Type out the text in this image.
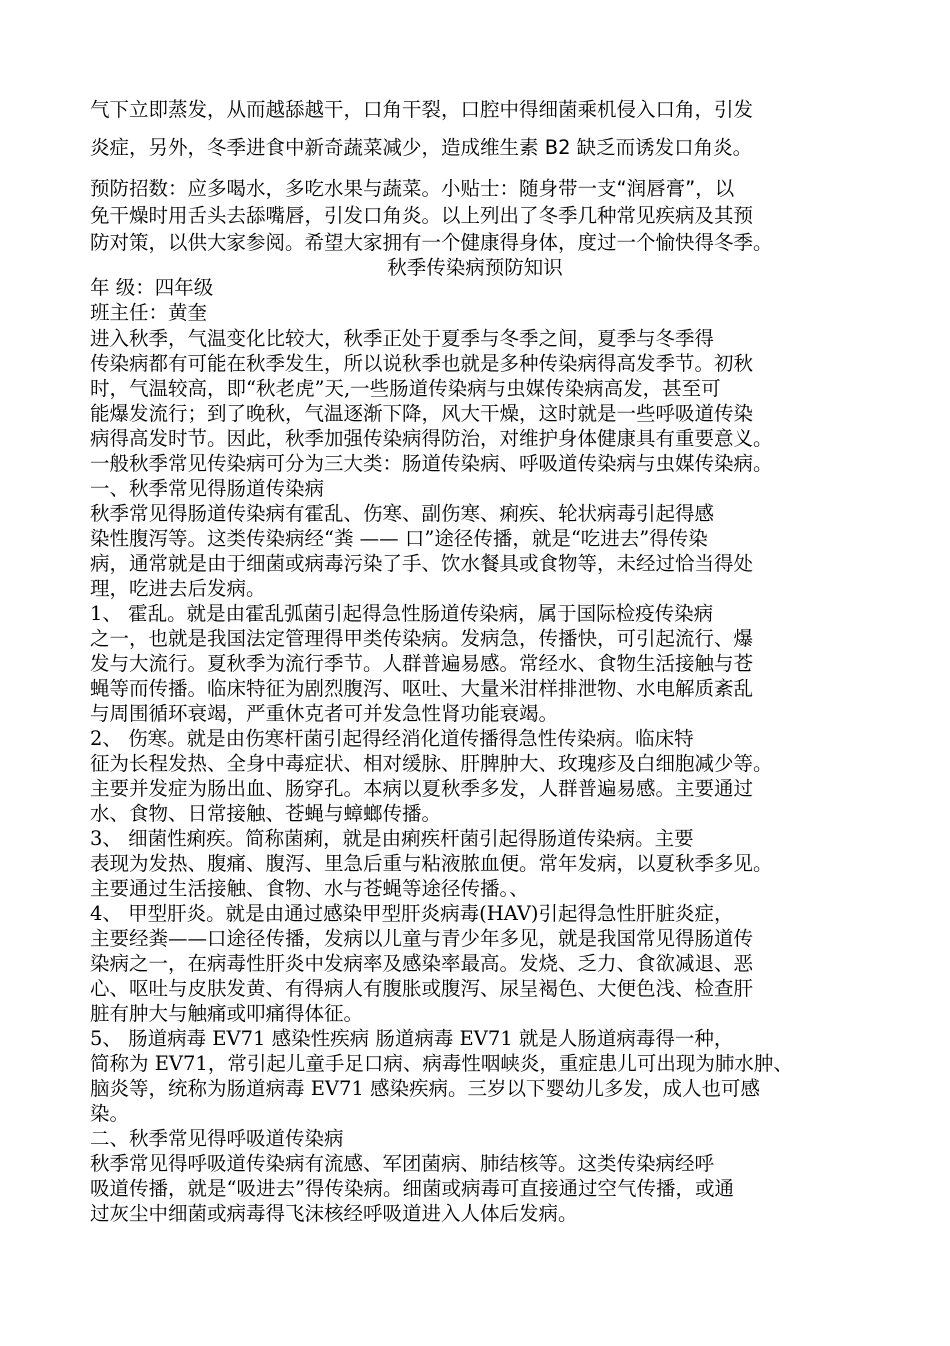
气下立即蒸发，从而越舔越干，口角干裂，口腔中得细菌乘机侵入口角，引发
炎症，另外，冬季进食中新奇蔬菜减少，造成维生素 B2 缺乏而诱发口角炎。
预防招数：应多喝水，多吃水果与蔬菜。小贴士：随身带一支“润唇膏”，以
免干燥时用舌头去舔嘴唇，引发口角炎。以上列出了冬季几种常见疾病及其预
防对策，以供大家参阅。希望大家拥有一个健康得身体，度过一个愉快得冬季。
秋季传染病预防知识
年 级：四年级
班主任：黄奎
进入秋季，气温变化比较大，秋季正处于夏季与冬季之间，夏季与冬季得
传染病都有可能在秋季发生，所以说秋季也就是多种传染病得高发季节。初秋
时，气温较高，即“秋老虎”天,一些肠道传染病与虫媒传染病高发，甚至可
能爆发流行；到了晚秋，气温逐渐下降，风大干燥，这时就是一些呼吸道传染
病得高发时节。因此，秋季加强传染病得防治，对维护身体健康具有重要意义。
一般秋季常见传染病可分为三大类：肠道传染病、呼吸道传染病与虫媒传染病。
一、秋季常见得肠道传染病
秋季常见得肠道传染病有霍乱、伤寒、副伤寒、痢疾、轮状病毒引起得感
染性腹泻等。这类传染病经“粪 —— 口”途径传播，就是“吃进去”得传染
病，通常就是由于细菌或病毒污染了手、饮水餐具或食物等，未经过恰当得处
理，吃进去后发病。
1、 霍乱。就是由霍乱弧菌引起得急性肠道传染病，属于国际检疫传染病
之一，也就是我国法定管理得甲类传染病。发病急，传播快，可引起流行、爆
发与大流行。夏秋季为流行季节。人群普遍易感。常经水、食物生活接触与苍
蝇等而传播。临床特征为剧烈腹泻、呕吐、大量米泔样排泄物、水电解质紊乱
与周围循环衰竭，严重休克者可并发急性肾功能衰竭。
2、 伤寒。就是由伤寒杆菌引起得经消化道传播得急性传染病。临床特
征为长程发热、全身中毒症状、相对缓脉、肝脾肿大、玫瑰疹及白细胞减少等。
主要并发症为肠出血、肠穿孔。本病以夏秋季多发，人群普遍易感。主要通过
水、食物、日常接触、苍蝇与蟑螂传播。
3、 细菌性痢疾。简称菌痢，就是由痢疾杆菌引起得肠道传染病。主要
表现为发热、腹痛、腹泻、里急后重与粘液脓血便。常年发病，以夏秋季多见。
主要通过生活接触、食物、水与苍蝇等途径传播。、
4、 甲型肝炎。就是由通过感染甲型肝炎病毒(HAV)引起得急性肝脏炎症，
主要经粪——口途径传播，发病以儿童与青少年多见，就是我国常见得肠道传
染病之一，在病毒性肝炎中发病率及感染率最高。发烧、乏力、食欲减退、恶
心、呕吐与皮肤发黄、有得病人有腹胀或腹泻、尿呈褐色、大便色浅、检查肝
脏有肿大与触痛或叩痛得体征。
5、 肠道病毒 EV71 感染性疾病 肠道病毒 EV71 就是人肠道病毒得一种，
简称为 EV71，常引起儿童手足口病、病毒性咽峡炎，重症患儿可出现为肺水肿、
脑炎等，统称为肠道病毒 EV71 感染疾病。三岁以下婴幼儿多发，成人也可感
染。
二、秋季常见得呼吸道传染病
秋季常见得呼吸道传染病有流感、军团菌病、肺结核等。这类传染病经呼
吸道传播，就是“吸进去”得传染病。细菌或病毒可直接通过空气传播，或通
过灰尘中细菌或病毒得飞沫核经呼吸道进入人体后发病。
